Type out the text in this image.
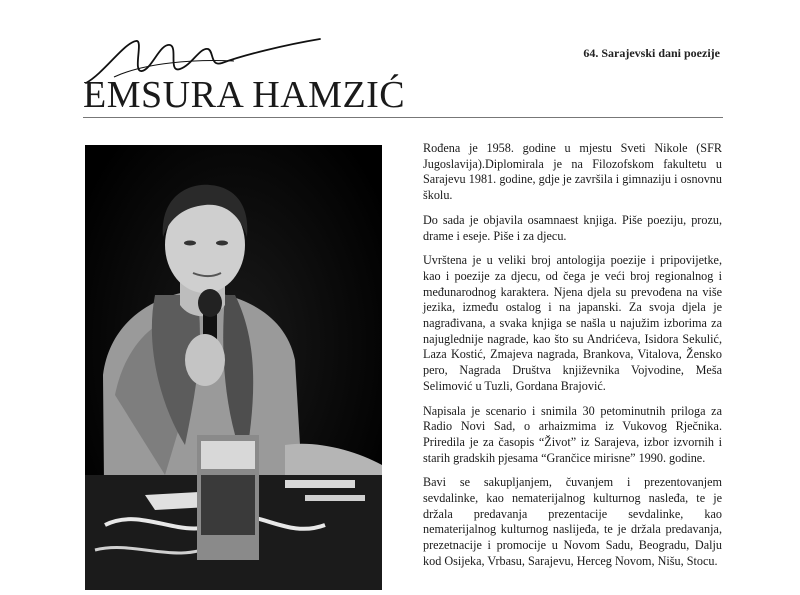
EMSURA HAMZIĆ
64. Sarajevski dani poezije

Rođena je 1958. godine u mjestu Sveti Nikole (SFR Jugoslavija).Diplomirala je na Filozofskom fakultetu u Sarajevu 1981. godine, gdje je završila i gimnaziju i osnovnu školu.

Do sada je objavila osamnaest knjiga. Piše poeziju, prozu, drame i eseje. Piše i za djecu.

Uvrštena je u veliki broj antologija poezije i pripovijetke, kao i poezije za djecu, od čega je veći broj regionalnog i međunarodnog karaktera. Njena djela su prevođena na više jezika, između ostalog i na japanski. Za svoja djela je nagrađivana, a svaka knjiga se našla u najužim izborima za najuglednije nagrade, kao što su Andrićeva, Isidora Sekulić, Laza Kostić, Zmajeva nagrada, Brankova, Vitalova, Žensko pero, Nagrada Društva književnika Vojvodine, Meša Selimović u Tuzli, Gordana Brajović.

Napisala je scenario i snimila 30 petominutnih priloga za Radio Novi Sad, o arhaizmima iz Vukovog Rječnika. Priredila je za časopis “Život” iz Sarajeva, izbor izvornih i starih gradskih pjesama “Grančice mirisne” 1990. godine.

Bavi se sakupljanjem, čuvanjem i prezentovanjem sevdalinke, kao nematerijalnog kulturnog nasleđa, te je držala predavanja prezentacije sevdalinke, kao nematerijalnog kulturnog naslijeđa, te je držala predavanja, prezetnacije i promocije u Novom Sadu, Beogradu, Dalju kod Osijeka, Vrbasu, Sarajevu, Herceg Novom, Nišu, Stocu.
